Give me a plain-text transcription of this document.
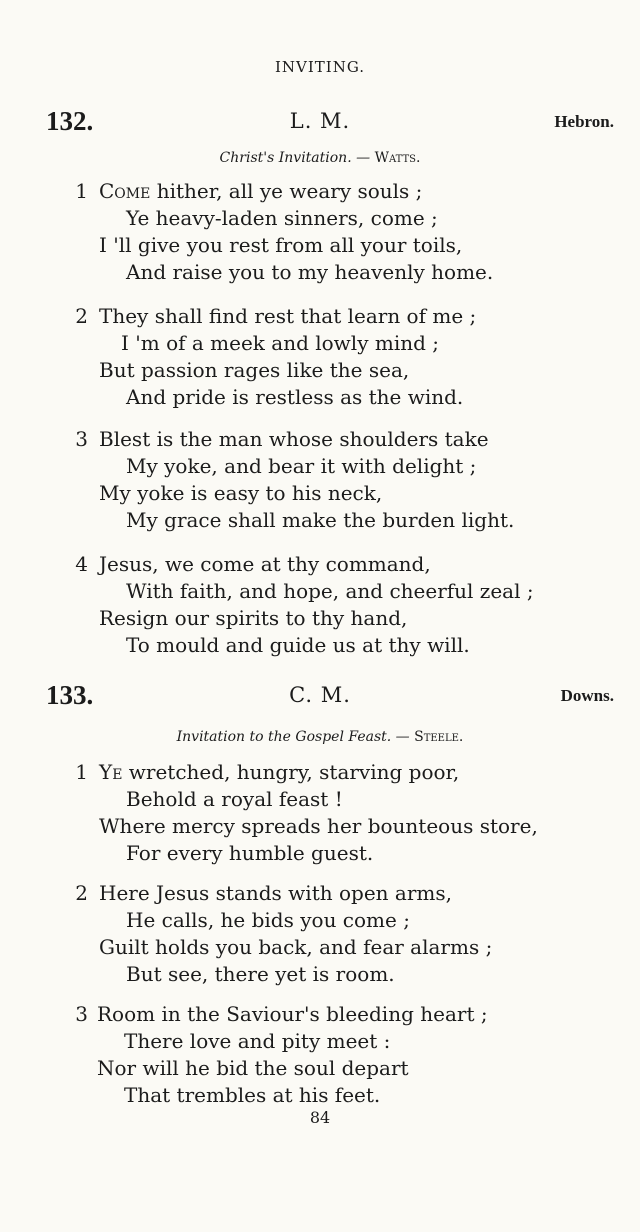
INVITING.
132.	L. M.	Hebron.
Christ's Invitation. — Watts.
1 Come hither, all ye weary souls ;
Ye heavy-laden sinners, come ;
I 'll give you rest from all your toils,
And raise you to my heavenly home.
2 They shall find rest that learn of me ;
I 'm of a meek and lowly mind ;
But passion rages like the sea,
And pride is restless as the wind.
3 Blest is the man whose shoulders take
My yoke, and bear it with delight ;
My yoke is easy to his neck,
My grace shall make the burden light.
4 Jesus, we come at thy command,
With faith, and hope, and cheerful zeal ;
Resign our spirits to thy hand,
To mould and guide us at thy will.
133.	C. M.	Downs.
Invitation to the Gospel Feast. — Steele.
1 Ye wretched, hungry, starving poor,
Behold a royal feast !
Where mercy spreads her bounteous store,
For every humble guest.
2 Here Jesus stands with open arms,
He calls, he bids you come ;
Guilt holds you back, and fear alarms ;
But see, there yet is room.
3 Room in the Saviour's bleeding heart ;
There love and pity meet :
Nor will he bid the soul depart
That trembles at his feet.
84
